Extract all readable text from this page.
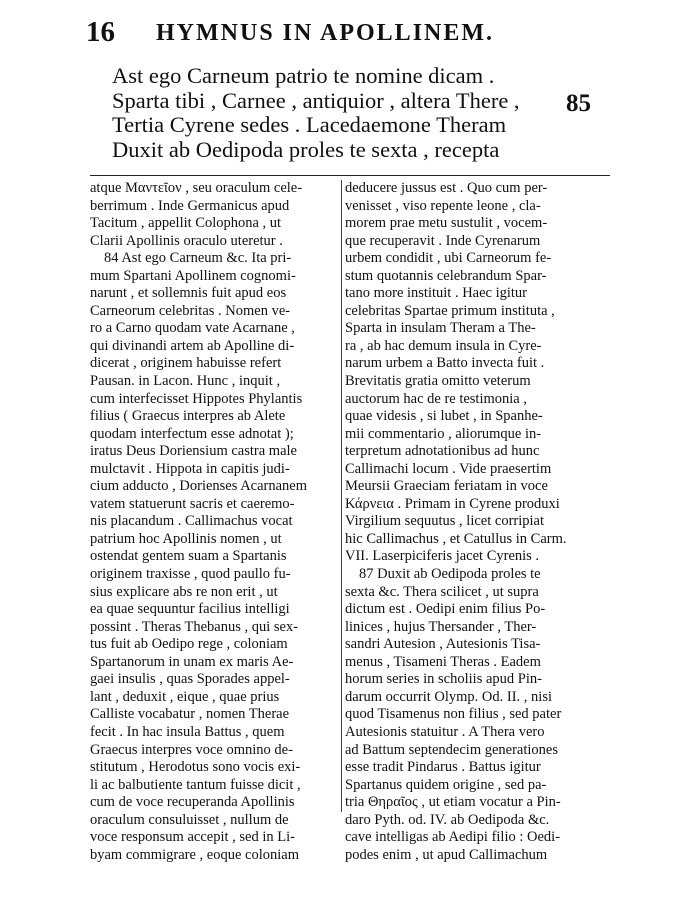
16 HYMNUS IN APOLLINEM.
Ast ego Carneum patrio te nomine dicam .
Sparta tibi , Carnee , antiquior , altera There ,
Tertia Cyrene sedes . Lacedaemone Theram
Duxit ab Oedipoda proles te sexta , recepta
85
atque Μαντεῖον , seu oraculum cele-
berrimum . Inde Germanicus apud
Tacitum , appellit Colophona , ut
Clarii Apollinis oraculo uteretur .
84 Ast ego Carneum &c. Ita pri-
mum Spartani Apollinem cognomi-
narunt , et sollemnis fuit apud eos
Carneorum celebritas . Nomen ve-
ro a Carno quodam vate Acarnane ,
qui divinandi artem ab Apolline di-
dicerat , originem habuisse refert
Pausan. in Lacon. Hunc , inquit ,
cum interfecisset Hippotes Phylantis
filius ( Graecus interpres ab Alete
quodam interfectum esse adnotat );
iratus Deus Doriensium castra male
mulctavit . Hippota in capitis judi-
cium adducto , Dorienses Acarnanem
vatem statuerunt sacris et caeremo-
nis placandum . Callimachus vocat
patrium hoc Apollinis nomen , ut
ostendat gentem suam a Spartanis
originem traxisse , quod paullo fu-
sius explicare abs re non erit , ut
ea quae sequuntur facilius intelligi
possint . Theras Thebanus , qui sex-
tus fuit ab Oedipo rege , coloniam
Spartanorum in unam ex maris Ae-
gaei insulis , quas Sporades appel-
lant , deduxit , eique , quae prius
Calliste vocabatur , nomen Therae
fecit . In hac insula Battus , quem
Graecus interpres voce omnino de-
stitutum , Herodotus sono vocis exi-
li ac balbutiente tantum fuisse dicit ,
cum de voce recuperanda Apollinis
oraculum consuluisset , nullum de
voce responsum accepit , sed in Li-
byam commigrare , eoque coloniam
deducere jussus est . Quo cum per-
venisset , viso repente leone , cla-
morem prae metu sustulit , vocem-
que recuperavit . Inde Cyrenarum
urbem condidit , ubi Carneorum fe-
stum quotannis celebrandum Spar-
tano more instituit . Haec igitur
celebritas Spartae primum instituta ,
Sparta in insulam Theram a The-
ra , ab hac demum insula in Cyre-
narum urbem a Batto invecta fuit .
Brevitatis gratia omitto veterum
auctorum hac de re testimonia ,
quae videsis , si lubet , in Spanhe-
mii commentario , aliorumque in-
terpretum adnotationibus ad hunc
Callimachi locum . Vide praesertim
Meursii Graeciam feriatam in voce
Κάρνεια . Primam in Cyrene produxi
Virgilium sequutus , licet corripiat
hic Callimachus , et Catullus in Carm.
VII. Laserpiciferis jacet Cyrenis .
87 Duxit ab Oedipoda proles te
sexta &c. Thera scilicet , ut supra
dictum est . Oedipi enim filius Po-
linices , hujus Thersander , Ther-
sandri Autesion , Autesionis Tisa-
menus , Tisameni Theras . Eadem
horum series in scholiis apud Pin-
darum occurrit Olymp. Od. II. , nisi
quod Tisamenus non filius , sed pater
Autesionis statuitur . A Thera vero
ad Battum septendecim generationes
esse tradit Pindarus . Battus igitur
Spartanus quidem origine , sed pa-
tria Θηραῖος , ut etiam vocatur a Pin-
daro Pyth. od. IV. ab Oedipoda &c.
cave intelligas ab Aedipi filio : Oedi-
podes enim , ut apud Callimachum
